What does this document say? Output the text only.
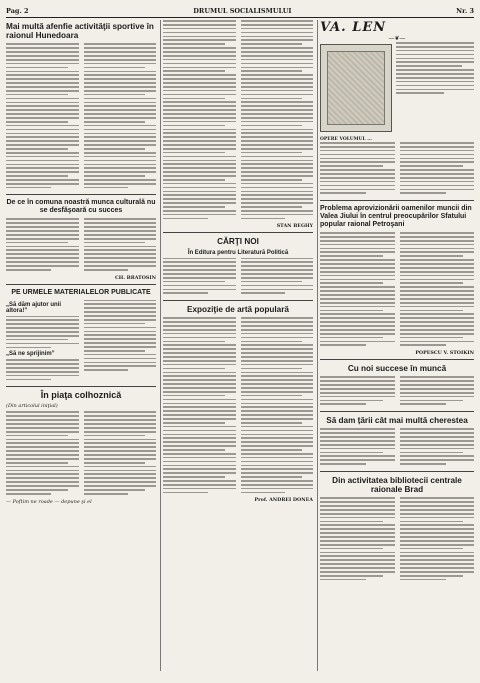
Pag. 2	DRUMUL SOCIALISMULUI	Nr. 3
Mai multă afenfie activităţii sportive în raionul Hunedoara
De ce în comuna noastră munca culturală nu se desfăşoară cu succes
CH. BRATOSIN
PE URMELE MATERIALELOR PUBLICATE
„Să dăm ajutor unii altora!”
„Să ne sprijinim”
În piaţa colhoznică
(Din articolul iniţial)
— Poftim ne roade — depune şi el
STAN BEGHY
CĂRŢI NOI
În Editura pentru Literatură Politică
Expoziţie de artă populară
Prof. ANDREI DONEA
VA. LEN
—❦—
OPERE VOLUMUL ...
Problema aprovizionării oamenilor muncii din Valea Jiului în centrul preocupărilor Sfatului popular raional Petroşani
POPESCU V. STOIKIN
Cu noi succese în muncă
Să dam țării cât mai multă cherestea
Din activitatea bibliotecii centrale raionale Brad
